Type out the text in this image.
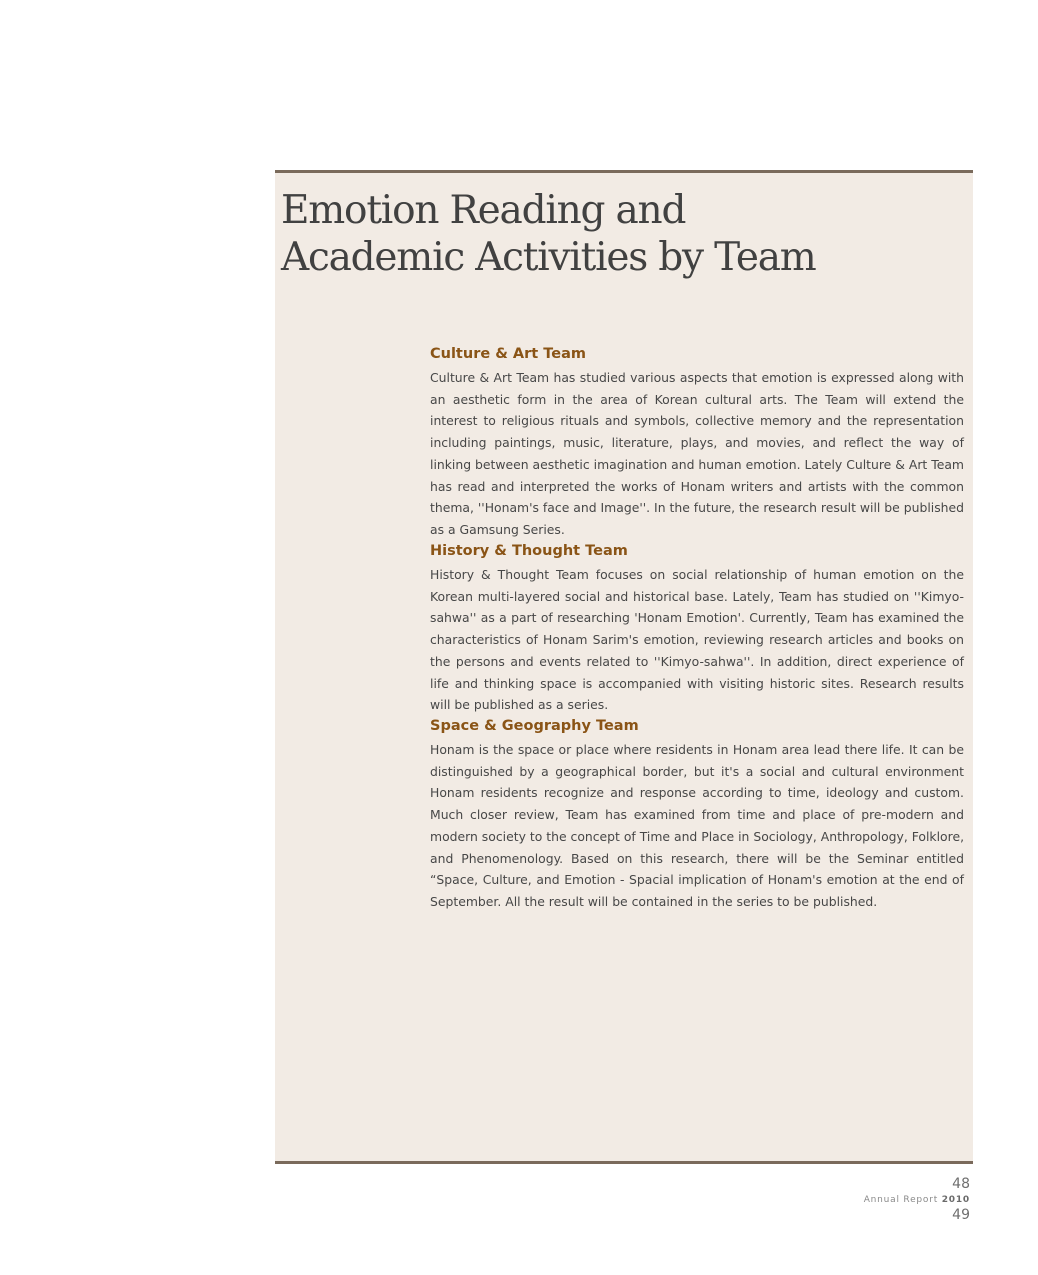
Emotion Reading and
Academic Activities by Team
Culture & Art Team

Culture & Art Team has studied various aspects that emotion is expressed along with an aesthetic form in the area of Korean cultural arts. The Team will extend the interest to religious rituals and symbols, collective memory and the representation including paintings, music, literature, plays, and movies, and reflect the way of linking between aesthetic imagination and human emotion. Lately Culture & Art Team has read and interpreted the works of Honam writers and artists with the common thema, ''Honam's face and Image''. In the future, the research result will be published as a Gamsung Series.

History & Thought Team

History & Thought Team focuses on social relationship of human emotion on the Korean multi-layered social and historical base. Lately, Team has studied on ''Kimyo-sahwa'' as a part of researching 'Honam Emotion'. Currently, Team has examined the characteristics of Honam Sarim's emotion, reviewing research articles and books on the persons and events related to ''Kimyo-sahwa''. In addition, direct experience of life and thinking space is accompanied with visiting historic sites. Research results will be published as a series.

Space & Geography Team

Honam is the space or place where residents in Honam area lead there life. It can be distinguished by a geographical border, but it's a social and cultural environment Honam residents recognize and response according to time, ideology and custom. Much closer review, Team has examined from time and place of pre-modern and modern society to the concept of Time and Place in Sociology, Anthropology, Folklore, and Phenomenology. Based on this research, there will be the Seminar entitled “Space, Culture, and Emotion - Spacial implication of Honam's emotion at the end of September. All the result will be contained in the series to be published.

48
Annual Report 2010
49
